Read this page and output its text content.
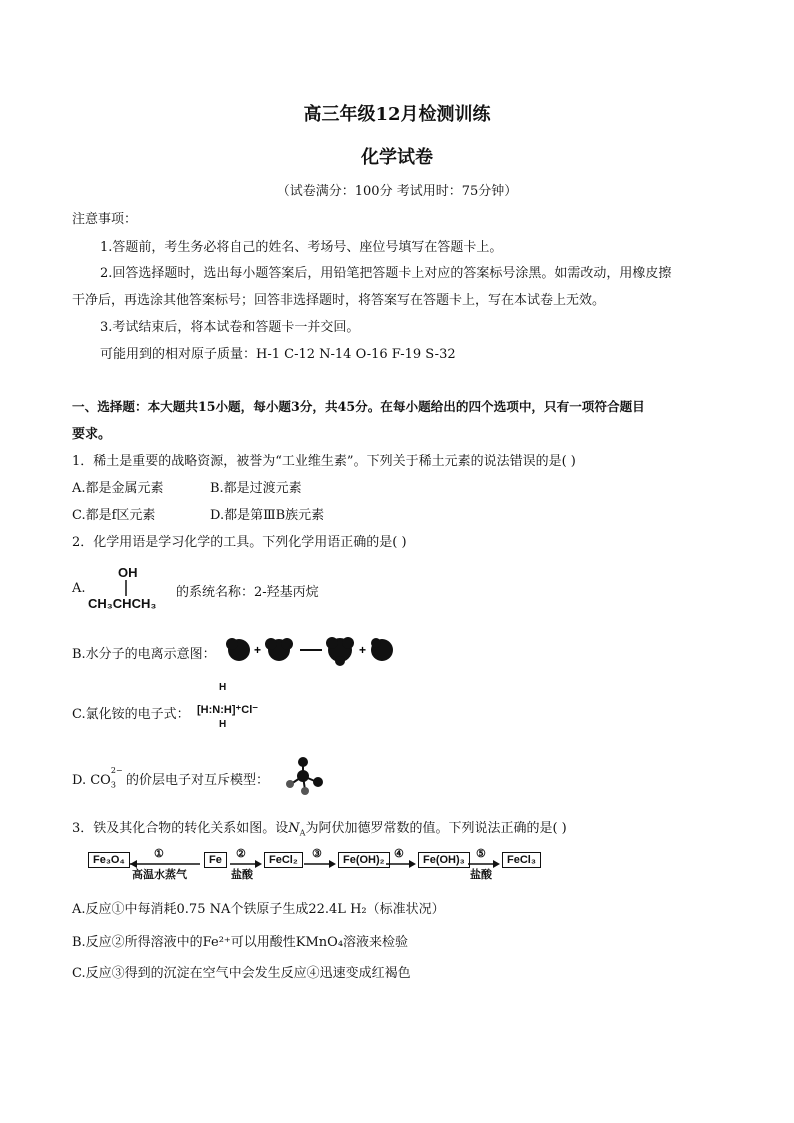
高三年级12月检测训练
化学试卷
（试卷满分：100分 考试用时：75分钟）
注意事项：
1.答题前，考生务必将自己的姓名、考场号、座位号填写在答题卡上。
2.回答选择题时，选出每小题答案后，用铅笔把答题卡上对应的答案标号涂黑。如需改动，用橡皮擦
干净后，再选涂其他答案标号；回答非选择题时，将答案写在答题卡上，写在本试卷上无效。
3.考试结束后，将本试卷和答题卡一并交回。
可能用到的相对原子质量：H-1 C-12 N-14 O-16 F-19 S-32
一、选择题：本大题共15小题，每小题3分，共45分。在每小题给出的四个选项中，只有一项符合题目
要求。
1．稀土是重要的战略资源，被誉为“工业维生素”。下列关于稀土元素的说法错误的是( )
A.都是金属元素	B.都是过渡元素
C.都是f区元素	D.都是第ⅢB族元素
2．化学用语是学习化学的工具。下列化学用语正确的是( )
A.
OH
CH₃CHCH₃
的系统名称：2-羟基丙烷
B.水分子的电离示意图：	+	+
C.氯化铵的电子式：
H
[H:N:H]⁺Cl⁻
H
D. $CO_3$
2−
的价层电子对互斥模型：
3．铁及其化合物的转化关系如图。设$N_A$为阿伏加德罗常数的值。下列说法正确的是( )
Fe₃O₄	①
高温水蒸气
Fe	②
盐酸
FeCl₂	③	Fe(OH)₂ ④	Fe(OH)₃	⑤
盐酸
FeCl₃
A.反应①中每消耗0.75 NA个铁原子生成22.4L H₂（标准状况）
B.反应②所得溶液中的Fe²⁺可以用酸性KMnO₄溶液来检验
C.反应③得到的沉淀在空气中会发生反应④迅速变成红褐色
